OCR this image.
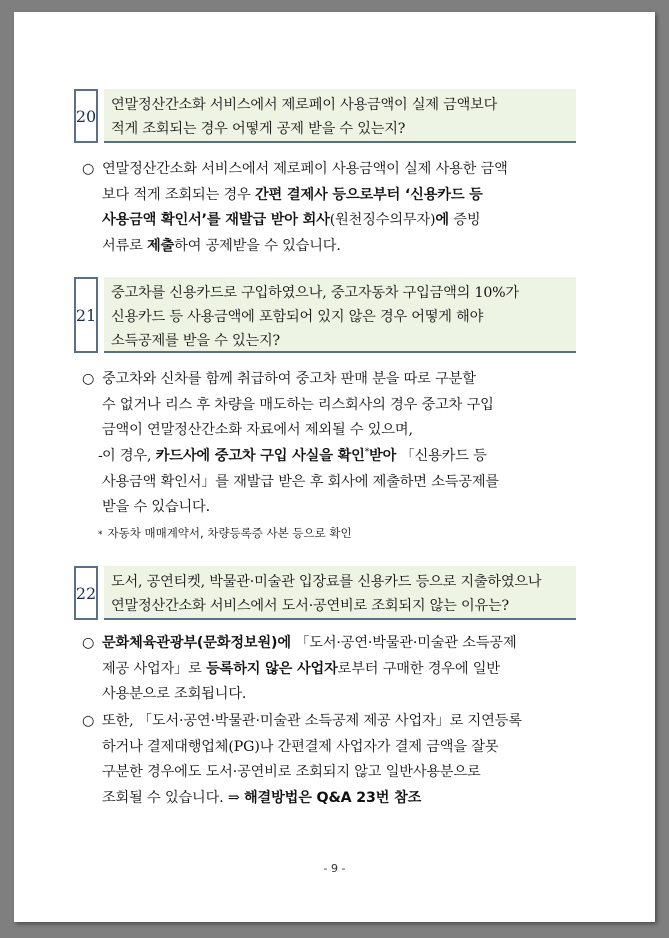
20
연말정산간소화 서비스에서 제로페이 사용금액이 실제 금액보다
적게 조회되는 경우 어떻게 공제 받을 수 있는지?
○ 연말정산간소화 서비스에서 제로페이 사용금액이 실제 사용한 금액
보다 적게 조회되는 경우 간편 결제사 등으로부터 ‘신용카드 등
사용금액 확인서’를 재발급 받아 회사(원천징수의무자)에 증빙
서류로 제출하여 공제받을 수 있습니다.
21
중고차를 신용카드로 구입하였으나, 중고자동차 구입금액의 10%가
신용카드 등 사용금액에 포함되어 있지 않은 경우 어떻게 해야
소득공제를 받을 수 있는지?
○ 중고차와 신차를 함께 취급하여 중고차 판매 분을 따로 구분할
수 없거나 리스 후 차량을 매도하는 리스회사의 경우 중고차 구입
금액이 연말정산간소화 자료에서 제외될 수 있으며,
- 이 경우, 카드사에 중고차 구입 사실을 확인*받아 「신용카드 등
사용금액 확인서」를 재발급 받은 후 회사에 제출하면 소득공제를
받을 수 있습니다.
* 자동차 매매계약서, 차량등록증 사본 등으로 확인
22
도서, 공연티켓, 박물관·미술관 입장료를 신용카드 등으로 지출하였으나
연말정산간소화 서비스에서 도서·공연비로 조회되지 않는 이유는?
○ 문화체육관광부(문화정보원)에 「도서·공연·박물관·미술관 소득공제
제공 사업자」로 등록하지 않은 사업자로부터 구매한 경우에 일반
사용분으로 조회됩니다.
○ 또한, 「도서·공연·박물관·미술관 소득공제 제공 사업자」로 지연등록
하거나 결제대행업체(PG)나 간편결제 사업자가 결제 금액을 잘못
구분한 경우에도 도서·공연비로 조회되지 않고 일반사용분으로
조회될 수 있습니다. ⇒ 해결방법은 Q&A 23번 참조
- 9 -
